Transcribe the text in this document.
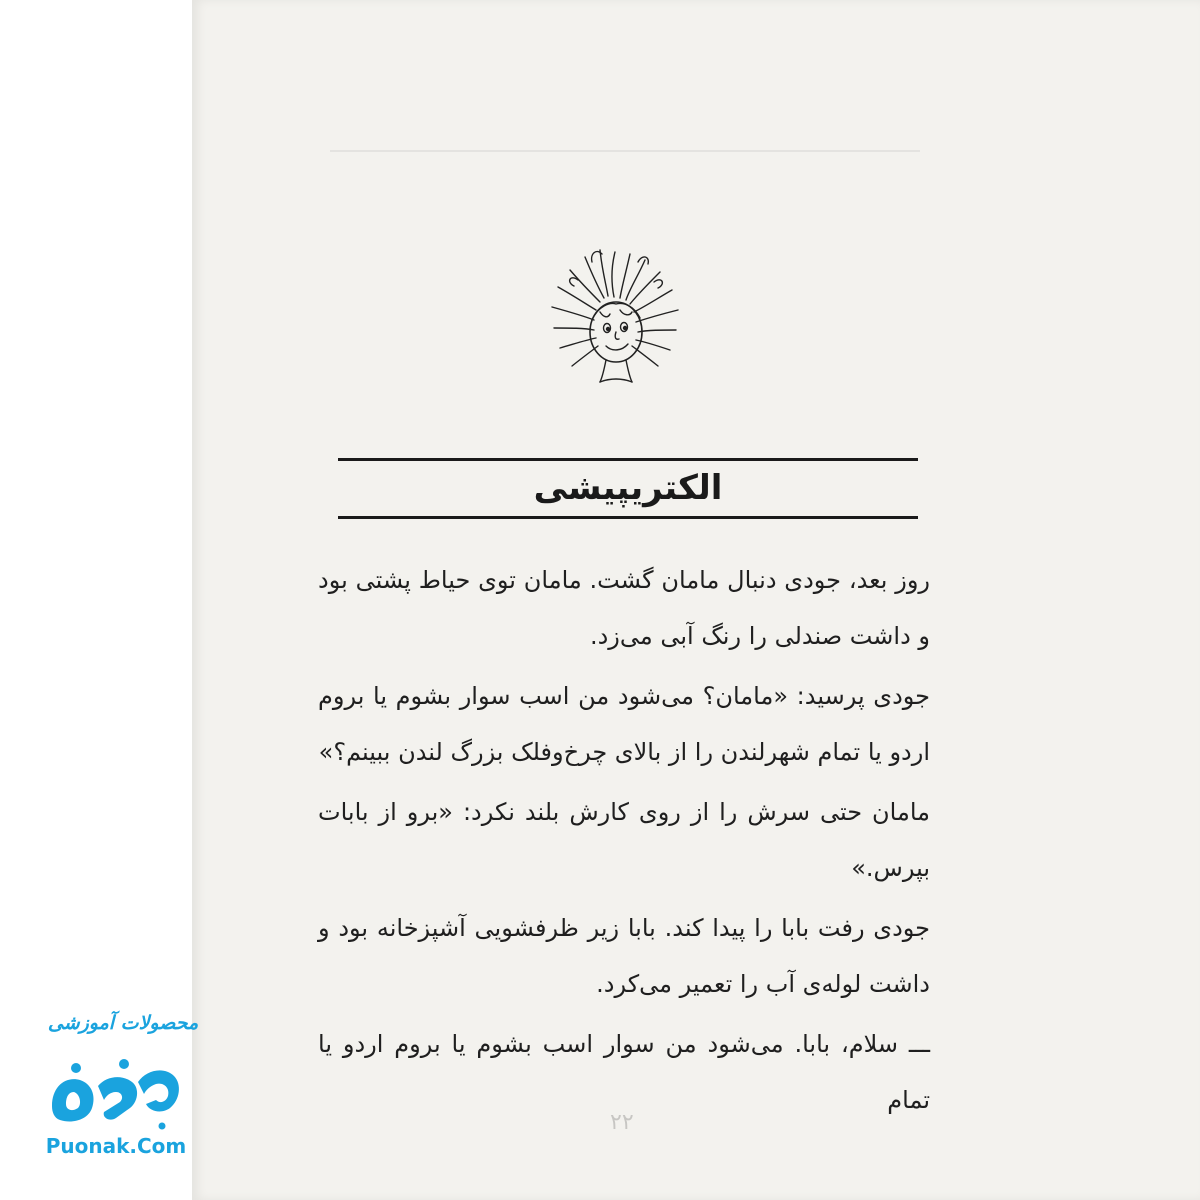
الکتریپیشی

روز بعد، جودی دنبال مامان گشت. مامان توی حیاط پشتی بود و داشت صندلی را رنگ آبی می‌زد.

جودی پرسید: «مامان؟ می‌شود من اسب سوار بشوم یا بروم اردو یا تمام شهرلندن را از بالای چرخ‌وفلک بزرگ لندن ببینم؟»

مامان حتی سرش را از روی کارش بلند نکرد: «برو از بابات بپرس.»

جودی رفت بابا را پیدا کند. بابا زیر ظرفشویی آشپزخانه بود و داشت لوله‌ی آب را تعمیر می‌کرد.

ـــ سلام، بابا. می‌شود من سوار اسب بشوم یا بروم اردو یا تمام

۲۲
محصولات آموزشی
Puonak.Com
